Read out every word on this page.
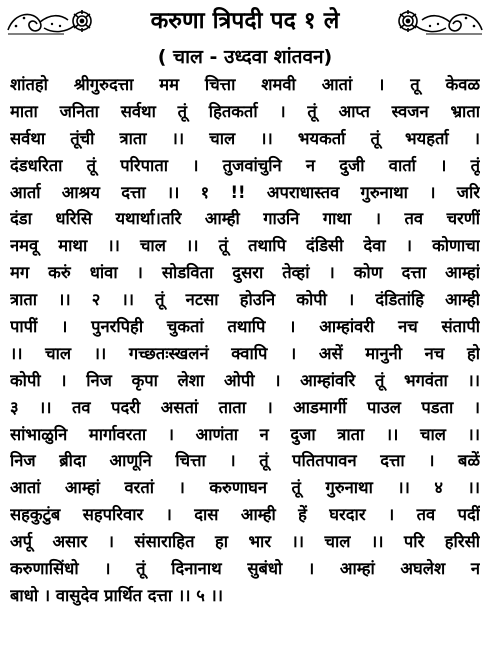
करुणा त्रिपदी पद १ ले
( चाल - उध्दवा शांतवन)
शांतहो श्रीगुरुदत्ता मम चित्ता शमवी आतां । तू केवळ
माता जनिता सर्वथा तूं हितकर्ता । तूं आप्त स्वजन भ्राता
सर्वथा तूंची त्राता ।। चाल ।। भयकर्ता तूं भयहर्ता ।
दंडधरिता तूं परिपाता । तुजवांचुनि न दुजी वार्ता । तूं
आर्ता आश्रय दत्ता ।। १ !! अपराधास्तव गुरुनाथा । जरि
दंडा धरिसि यथार्था।तरि आम्ही गाउनि गाथा । तव चरणीं
नमवू माथा ।। चाल ।। तूं तथापि दंडिसी देवा । कोणाचा
मग करुं धांवा । सोडविता दुसरा तेव्हां । कोण दत्ता आम्हां
त्राता ।। २ ।। तूं नटसा होउनि कोपी । दंडितांहि आम्ही
पापीं । पुनरपिही चुकतां तथापि । आम्हांवरी नच संतापी
।। चाल ।। गच्छतःस्खलनं क्वापि । असें मानुनी नच हो
कोपी । निज कृपा लेशा ओपी । आम्हांवरि तूं भगवंता ।।
३ ।। तव पदरी असतां ताता । आडमार्गी पाउल पडता ।
सांभाळुनि मार्गावरता । आणंता न दुजा त्राता ।। चाल ।।
निज ब्रीदा आणूनि चित्ता । तूं पतितपावन दत्ता । बळें
आतां आम्हां वरतां । करुणाघन तूं गुरुनाथा ।। ४ ।।
सहकुटुंब सहपरिवार । दास आम्ही हें घरदार । तव पदीं
अर्पू असार । संसाराहित हा भार ।। चाल ।। परि हरिसी
करुणासिंधो । तूं दिनानाथ सुबंधो । आम्हां अघलेश न
बाधो । वासुदेव प्रार्थित दत्ता ।। ५ ।।
